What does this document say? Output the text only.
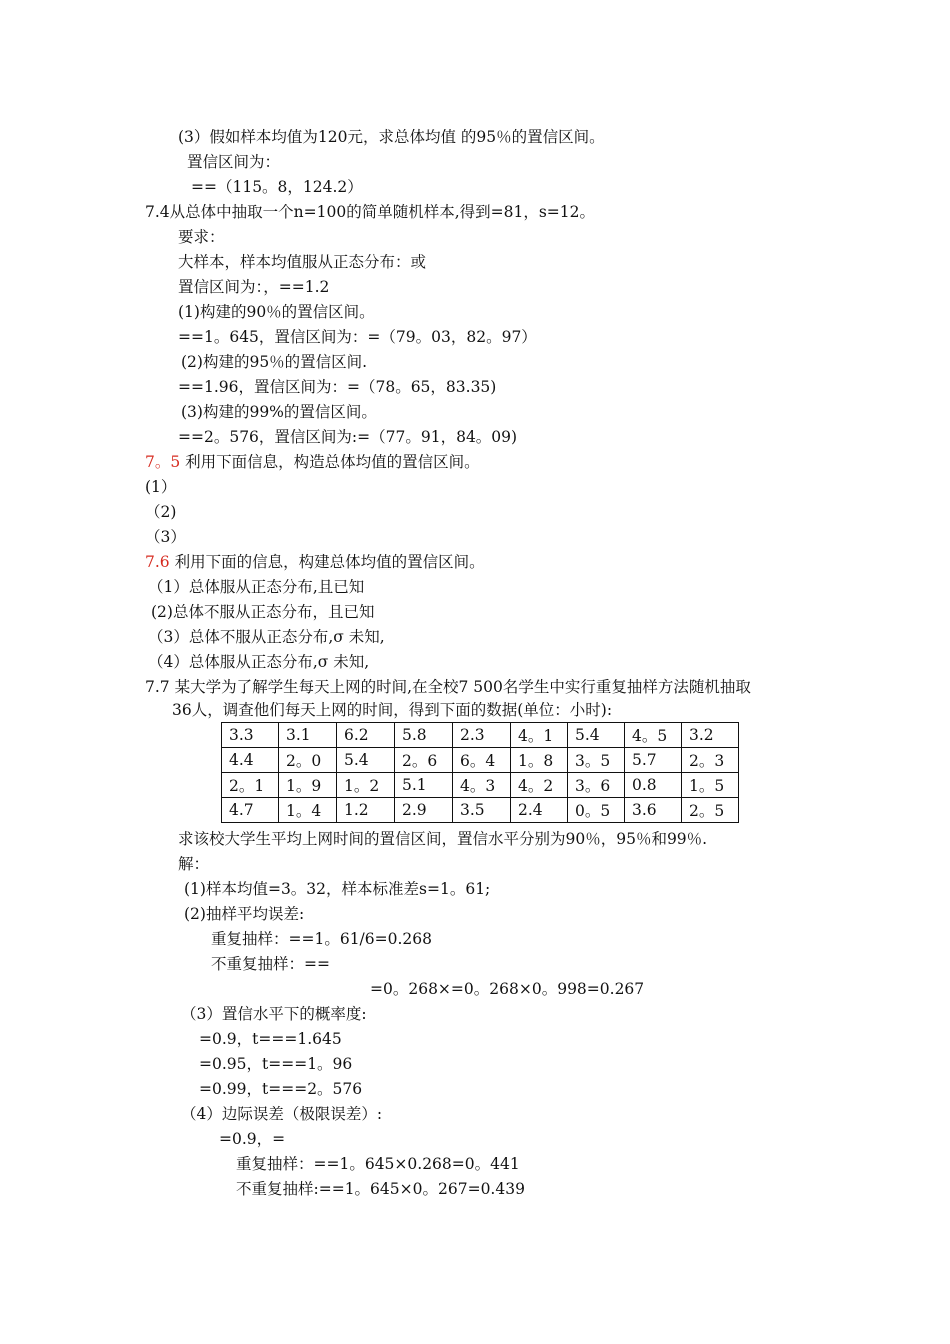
(3）假如样本均值为120元，求总体均值 的95％的置信区间。
置信区间为：
==（115。8，124.2）
7.4从总体中抽取一个n=100的简单随机样本,得到=81，s=12。
要求：
大样本，样本均值服从正态分布：或
置信区间为：，==1.2
(1)构建的90％的置信区间。
==1。645，置信区间为：=（79。03，82。97）
(2)构建的95％的置信区间.
==1.96，置信区间为：=（78。65，83.35)
(3)构建的99%的置信区间。
==2。576，置信区间为:=（77。91，84。09)
7。5 利用下面信息，构造总体均值的置信区间。
(1）
（2)
（3）
7.6 利用下面的信息，构建总体均值的置信区间。
（1）总体服从正态分布,且已知
(2)总体不服从正态分布，且已知
（3）总体不服从正态分布,σ 未知,
（4）总体服从正态分布,σ 未知,
7.7 某大学为了解学生每天上网的时间,在全校7 500名学生中实行重复抽样方法随机抽取
36人，调查他们每天上网的时间，得到下面的数据(单位：小时):
3.3	3.1	6.2	5.8	2.3	4。1	5.4	4。5	3.2
4.4	2。0	5.4	2。6	6。4	1。8	3。5	5.7	2。3
2。1	1。9	1。2	5.1	4。3	4。2	3。6	0.8	1。5
4.7	1。4	1.2	2.9	3.5	2.4	0。5	3.6	2。5
求该校大学生平均上网时间的置信区间，置信水平分别为90％，95％和99％.
解：
(1)样本均值=3。32，样本标准差s=1。61;
(2)抽样平均误差:
重复抽样：==1。61/6=0.268
不重复抽样：==
=0。268×=0。268×0。998=0.267
（3）置信水平下的概率度:
=0.9，t===1.645
=0.95，t===1。96
=0.99，t===2。576
（4）边际误差（极限误差）:
=0.9，=
重复抽样：==1。645×0.268=0。441
不重复抽样:==1。645×0。267=0.439
